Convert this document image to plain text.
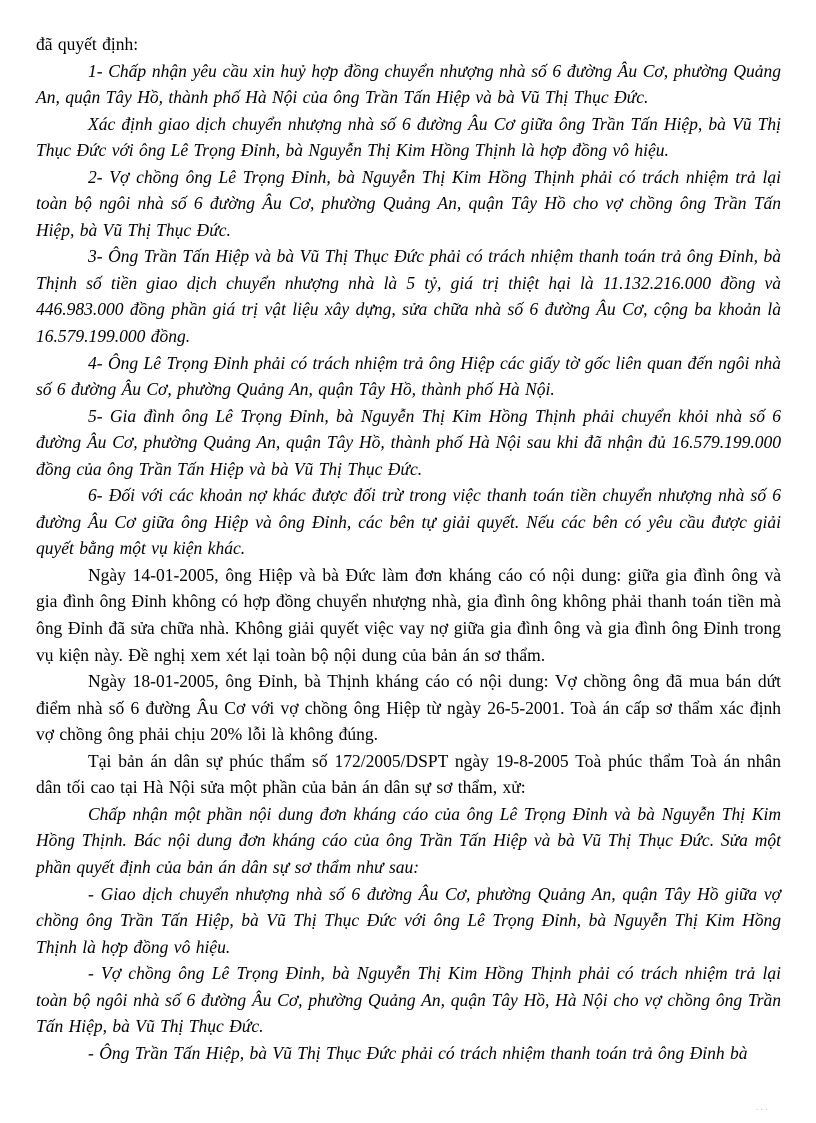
đã quyết định:

1- Chấp nhận yêu cầu xin huỷ hợp đồng chuyển nhượng nhà số 6 đường Âu Cơ, phường Quảng An, quận Tây Hồ, thành phố Hà Nội của ông Trần Tấn Hiệp và bà Vũ Thị Thục Đức.

Xác định giao dịch chuyển nhượng nhà số 6 đường Âu Cơ giữa ông Trần Tấn Hiệp, bà Vũ Thị Thục Đức với ông Lê Trọng Đỉnh, bà Nguyễn Thị Kim Hồng Thịnh là hợp đồng vô hiệu.

2- Vợ chồng ông Lê Trọng Đỉnh, bà Nguyễn Thị Kim Hồng Thịnh phải có trách nhiệm trả lại toàn bộ ngôi nhà số 6 đường Âu Cơ, phường Quảng An, quận Tây Hồ cho vợ chồng ông Trần Tấn Hiệp, bà Vũ Thị Thục Đức.

3- Ông Trần Tấn Hiệp và bà Vũ Thị Thục Đức phải có trách nhiệm thanh toán trả ông Đỉnh, bà Thịnh số tiền giao dịch chuyển nhượng nhà là 5 tỷ, giá trị thiệt hại là 11.132.216.000 đồng và 446.983.000 đồng phần giá trị vật liệu xây dựng, sửa chữa nhà số 6 đường Âu Cơ, cộng ba khoản là 16.579.199.000 đồng.

4- Ông Lê Trọng Đỉnh phải có trách nhiệm trả ông Hiệp các giấy tờ gốc liên quan đến ngôi nhà số 6 đường Âu Cơ, phường Quảng An, quận Tây Hồ, thành phố Hà Nội.

5- Gia đình ông Lê Trọng Đỉnh, bà Nguyễn Thị Kim Hồng Thịnh phải chuyển khỏi nhà số 6 đường Âu Cơ, phường Quảng An, quận Tây Hồ, thành phố Hà Nội sau khi đã nhận đủ 16.579.199.000 đồng của ông Trần Tấn Hiệp và bà Vũ Thị Thục Đức.

6- Đối với các khoản nợ khác được đối trừ trong việc thanh toán tiền chuyển nhượng nhà số 6 đường Âu Cơ giữa ông Hiệp và ông Đỉnh, các bên tự giải quyết. Nếu các bên có yêu cầu được giải quyết bằng một vụ kiện khác.

Ngày 14-01-2005, ông Hiệp và bà Đức làm đơn kháng cáo có nội dung: giữa gia đình ông và gia đình ông Đỉnh không có hợp đồng chuyển nhượng nhà, gia đình ông không phải thanh toán tiền mà ông Đỉnh đã sửa chữa nhà. Không giải quyết việc vay nợ giữa gia đình ông và gia đình ông Đỉnh trong vụ kiện này. Đề nghị xem xét lại toàn bộ nội dung của bản án sơ thẩm.

Ngày 18-01-2005, ông Đỉnh, bà Thịnh kháng cáo có nội dung: Vợ chồng ông đã mua bán dứt điểm nhà số 6 đường Âu Cơ với vợ chồng ông Hiệp từ ngày 26-5-2001. Toà án cấp sơ thẩm xác định vợ chồng ông phải chịu 20% lỗi là không đúng.

Tại bản án dân sự phúc thẩm số 172/2005/DSPT ngày 19-8-2005 Toà phúc thẩm Toà án nhân dân tối cao tại Hà Nội sửa một phần của bản án dân sự sơ thẩm, xử:

Chấp nhận một phần nội dung đơn kháng cáo của ông Lê Trọng Đỉnh và bà Nguyễn Thị Kim Hồng Thịnh. Bác nội dung đơn kháng cáo của ông Trần Tấn Hiệp và bà Vũ Thị Thục Đức. Sửa một phần quyết định của bản án dân sự sơ thẩm như sau:

- Giao dịch chuyển nhượng nhà số 6 đường Âu Cơ, phường Quảng An, quận Tây Hồ giữa vợ chồng ông Trần Tấn Hiệp, bà Vũ Thị Thục Đức với ông Lê Trọng Đỉnh, bà Nguyễn Thị Kim Hồng Thịnh là hợp đồng vô hiệu.

- Vợ chồng ông Lê Trọng Đỉnh, bà Nguyễn Thị Kim Hồng Thịnh phải có trách nhiệm trả lại toàn bộ ngôi nhà số 6 đường Âu Cơ, phường Quảng An, quận Tây Hồ, Hà Nội cho vợ chồng ông Trần Tấn Hiệp, bà Vũ Thị Thục Đức.

- Ông Trần Tấn Hiệp, bà Vũ Thị Thục Đức phải có trách nhiệm thanh toán trả ông Đỉnh bà

...
